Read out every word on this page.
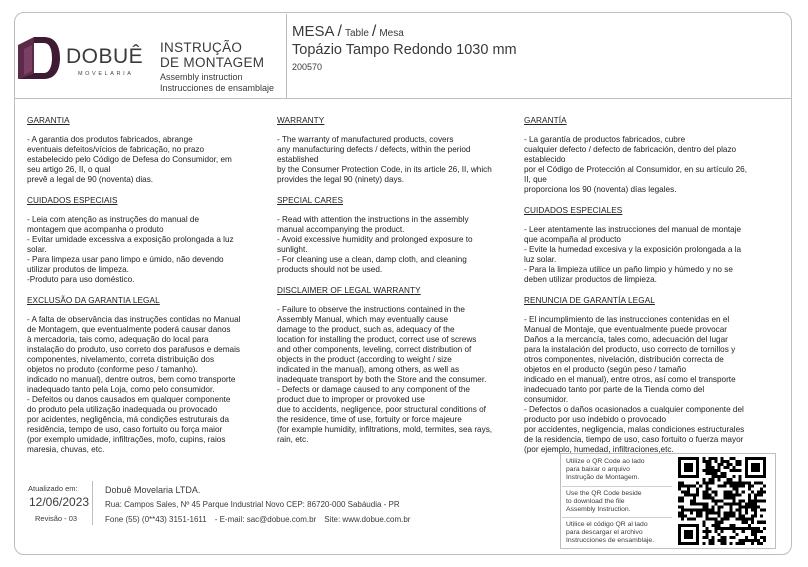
DOBUÊ
MOVELARIA
INSTRUÇÃO
DE MONTAGEM
Assembly instruction
Instrucciones de ensamblaje
MESA / Table / Mesa
Topázio Tampo Redondo 1030 mm
200570
GARANTIA
- A garantia dos produtos fabricados, abrange
eventuais defeitos/vícios de fabricação, no prazo
estabelecido pelo Código de Defesa do Consumidor, em
seu artigo 26, II, o qual
prevê a legal de 90 (noventa) dias.
CUIDADOS ESPECIAIS
- Leia com atenção as instruções do manual de
montagem que acompanha o produto
- Evitar umidade excessiva a exposição prolongada a luz
solar.
- Para limpeza usar pano limpo e úmido, não devendo
utilizar produtos de limpeza.
-Produto para uso doméstico.
EXCLUSÃO DA GARANTIA LEGAL
- A falta de observância das instruções contidas no Manual
de Montagem, que eventualmente poderá causar danos
à mercadoria, tais como, adequação do local para
instalação do produto, uso correto dos parafusos e demais
componentes, nivelamento, correta distribuição dos
objetos no produto (conforme peso / tamanho).
indicado no manual), dentre outros, bem como transporte
inadequado tanto pela Loja, como pelo consumidor.
- Defeitos ou danos causados em qualquer componente
do produto pela utilização inadequada ou provocado
por acidentes, negligência, má condições estruturais da
residência, tempo de uso, caso fortuito ou força maior
(por exemplo umidade, infiltrações, mofo, cupins, raios
maresia, chuvas, etc.
WARRANTY
- The warranty of manufactured products, covers
any manufacturing defects / defects, within the period
established
by the Consumer Protection Code, in its article 26, II, which
provides the legal 90 (ninety) days.
SPECIAL CARES
- Read with attention the instructions in the assembly
manual accompanying the product.
- Avoid excessive humidity and prolonged exposure to
sunlight.
- For cleaning use a clean, damp cloth, and cleaning
products should not be used.
DISCLAIMER OF LEGAL WARRANTY
- Failure to observe the instructions contained in the
Assembly Manual, which may eventually cause
damage to the product, such as, adequacy of the
location for installing the product, correct use of screws
and other components, leveling, correct distribution of
objects in the product (according to weight / size
indicated in the manual), among others, as well as
inadequate transport by both the Store and the consumer.
- Defects or damage caused to any component of the
product due to improper or provoked use
due to accidents, negligence, poor structural conditions of
the residence, time of use, fortuity or force majeure
(for example humidity, infiltrations, mold, termites, sea rays,
rain, etc.
GARANTÍA
- La garantía de productos fabricados, cubre
cualquier defecto / defecto de fabricación, dentro del plazo
establecido
por el Código de Protección al Consumidor, en su artículo 26,
II, que
proporciona los 90 (noventa) días legales.
CUIDADOS ESPECIALES
- Leer atentamente las instrucciones del manual de montaje
que acompaña al producto
- Evite la humedad excesiva y la exposición prolongada a la
luz solar.
- Para la limpieza utilice un paño limpio y húmedo y no se
deben utilizar productos de limpieza.
RENUNCIA DE GARANTÍA LEGAL
- El incumplimiento de las instrucciones contenidas en el
Manual de Montaje, que eventualmente puede provocar
Daños a la mercancía, tales como, adecuación del lugar
para la instalación del producto, uso correcto de tornillos y
otros componentes, nivelación, distribución correcta de
objetos en el producto (según peso / tamaño
indicado en el manual), entre otros, así como el transporte
inadecuado tanto por parte de la Tienda como del
consumidor.
- Defectos o daños ocasionados a cualquier componente del
producto por uso indebido o provocado
por accidentes, negligencia, malas condiciones estructurales
de la residencia, tiempo de uso, caso fortuito o fuerza mayor
(por ejemplo, humedad, infiltraciones,etc.
Atualizado em:
12/06/2023
Revisão - 03
Dobuê Movelaria LTDA.
Rua: Campos Sales, Nº 45 Parque Industrial Novo CEP: 86720-000 Sabáudia - PR
Fone (55) (0**43) 3151-1611 - E-mail: sac@dobue.com.br Site: www.dobue.com.br
Utilize o QR Code ao lado
para baixar o arquivo
Instrução de Montagem.
Use the QR Code beside
to download the file
Assembly Instruction.
Utilice el código QR al lado
para descargar el archivo
Instrucciones de ensamblaje.
